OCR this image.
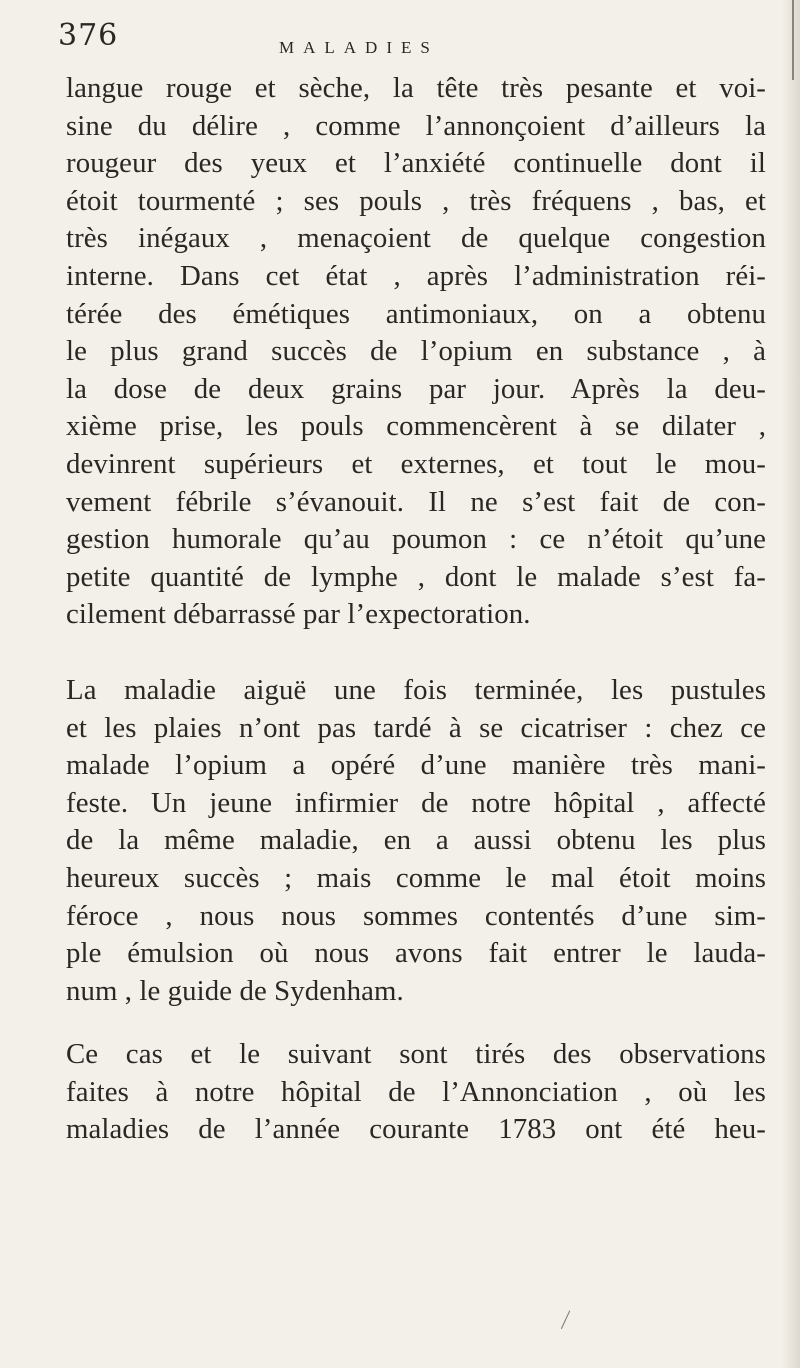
376	MALADIES
langue rouge et sèche, la tête très pesante et voi-
sine du délire , comme l’annonçoient d’ailleurs la
rougeur des yeux et l’anxiété continuelle dont il
étoit tourmenté ; ses pouls , très fréquens , bas, et
très inégaux , menaçoient de quelque congestion
interne. Dans cet état , après l’administration réi-
térée des émétiques antimoniaux, on a obtenu
le plus grand succès de l’opium en substance , à
la dose de deux grains par jour. Après la deu-
xième prise, les pouls commencèrent à se dilater ,
devinrent supérieurs et externes, et tout le mou-
vement fébrile s’évanouit. Il ne s’est fait de con-
gestion humorale qu’au poumon : ce n’étoit qu’une
petite quantité de lymphe , dont le malade s’est fa-
cilement débarrassé par l’expectoration.
La maladie aiguë une fois terminée, les pustules
et les plaies n’ont pas tardé à se cicatriser : chez ce
malade l’opium a opéré d’une manière très mani-
feste. Un jeune infirmier de notre hôpital , affecté
de la même maladie, en a aussi obtenu les plus
heureux succès ; mais comme le mal étoit moins
féroce , nous nous sommes contentés d’une sim-
ple émulsion où nous avons fait entrer le lauda-
num , le guide de Sydenham.
Ce cas et le suivant sont tirés des observations
faites à notre hôpital de l’Annonciation , où les
maladies de l’année courante 1783 ont été heu-
